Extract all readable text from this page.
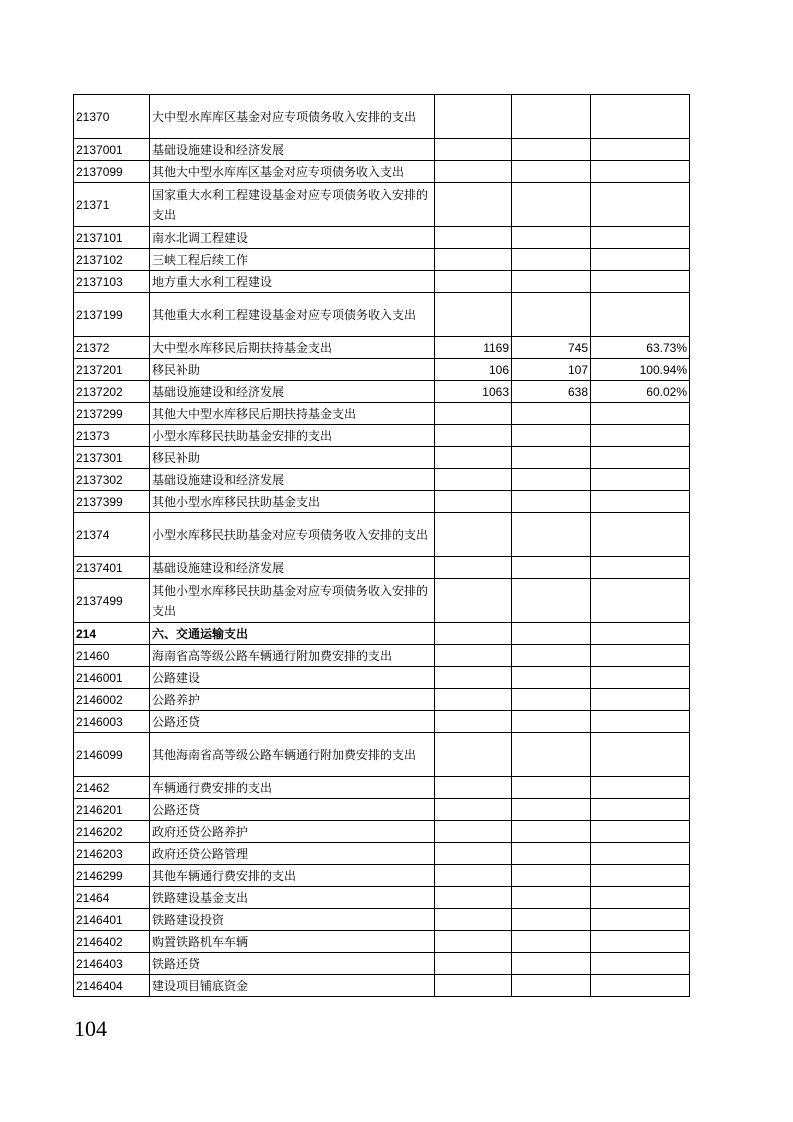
21370	大中型水库库区基金对应专项债务收入安排的支出			
2137001	基础设施建设和经济发展			
2137099	其他大中型水库库区基金对应专项债务收入支出			
21371	国家重大水利工程建设基金对应专项债务收入安排的支出			
2137101	南水北调工程建设			
2137102	三峡工程后续工作			
2137103	地方重大水利工程建设			
2137199	其他重大水利工程建设基金对应专项债务收入支出			
21372	大中型水库移民后期扶持基金支出	1169	745	63.73%
2137201	移民补助	106	107	100.94%
2137202	基础设施建设和经济发展	1063	638	60.02%
2137299	其他大中型水库移民后期扶持基金支出			
21373	小型水库移民扶助基金安排的支出			
2137301	移民补助			
2137302	基础设施建设和经济发展			
2137399	其他小型水库移民扶助基金支出			
21374	小型水库移民扶助基金对应专项债务收入安排的支出			
2137401	基础设施建设和经济发展			
2137499	其他小型水库移民扶助基金对应专项债务收入安排的支出			
214	六、交通运输支出			
21460	海南省高等级公路车辆通行附加费安排的支出			
2146001	公路建设			
2146002	公路养护			
2146003	公路还贷			
2146099	其他海南省高等级公路车辆通行附加费安排的支出			
21462	车辆通行费安排的支出			
2146201	公路还贷			
2146202	政府还贷公路养护			
2146203	政府还贷公路管理			
2146299	其他车辆通行费安排的支出			
21464	铁路建设基金支出			
2146401	铁路建设投资			
2146402	购置铁路机车车辆			
2146403	铁路还贷			
2146404	建设项目铺底资金			
104
